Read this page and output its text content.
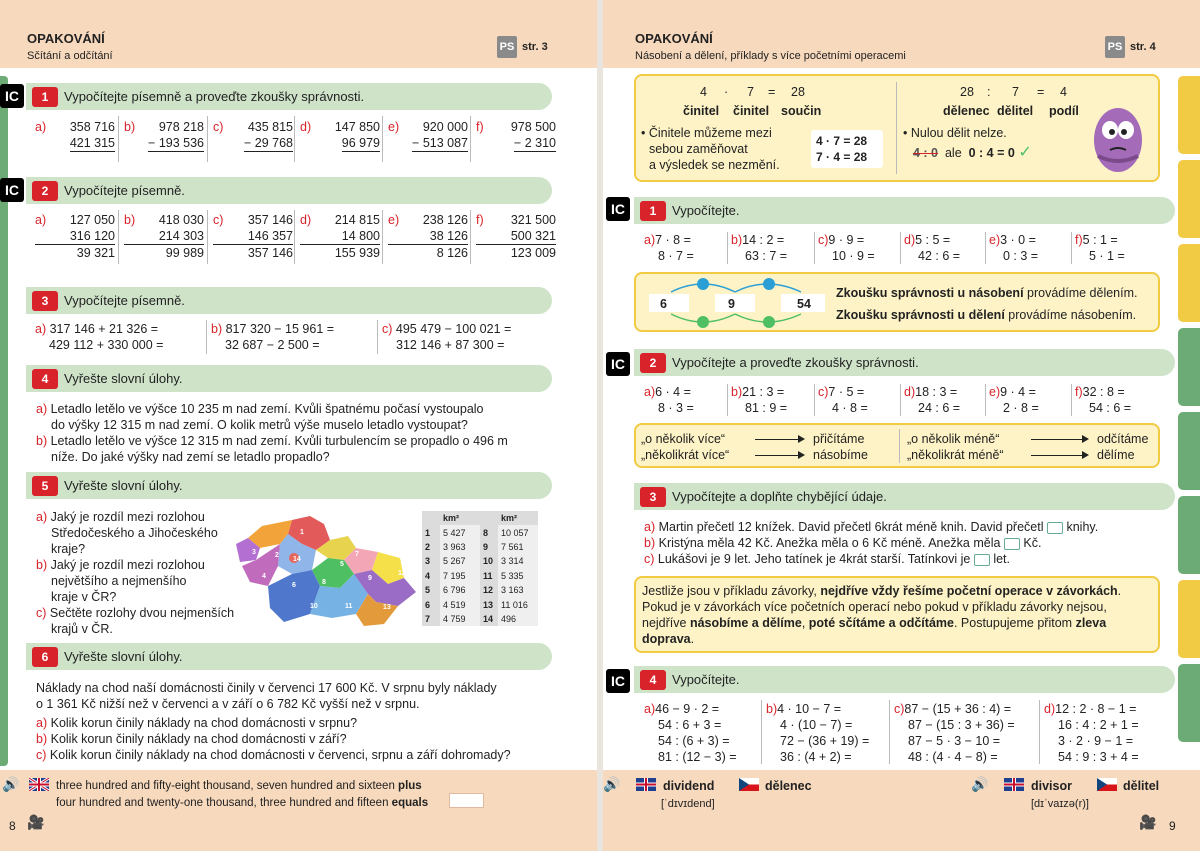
OPAKOVÁNÍ
Sčítání a odčítání
PS str. 3
IC	1	Vypočítejte písemně a proveďte zkoušky správnosti.
a) 358 716
421 315
b) 978 218
− 193 536
c) 435 815
− 29 768
d) 147 850
96 979
e) 920 000
− 513 087
f) 978 500
− 2 310
IC	2	Vypočítejte písemně.
a) 127 050
316 120
39 321
b) 418 030
214 303
99 989
c) 357 146
146 357
357 146
d) 214 815
14 800
155 939
e) 238 126
38 126
8 126
f) 321 500
500 321
123 009
3	Vypočítejte písemně.
a) 317 146 + 21 326 =
429 112 + 330 000 =
b) 817 320 − 15 961 =
32 687 − 2 500 =
c) 495 479 − 100 021 =
312 146 + 87 300 =
4	Vyřešte slovní úlohy.
a) Letadlo letělo ve výšce 10 235 m nad zemí. Kvůli špatnému počasí vystoupalo
do výšky 12 315 m nad zemí. O kolik metrů výše muselo letadlo vystoupat?
b) Letadlo letělo ve výšce 12 315 m nad zemí. Kvůli turbulencím se propadlo o 496 m
níže. Do jaké výšky nad zemí se letadlo propadlo?
5	Vyřešte slovní úlohy.
a) Jaký je rozdíl mezi rozlohou
Středočeského a Jihočeského
kraje?
b) Jaký je rozdíl mezi rozlohou
největšího a nejmenšího
kraje v ČR?
c) Sečtěte rozlohy dvou nejmenších
krajů v ČR.
1
2
3
4
5
6
7
8
9
10	11
12
13
14
km²		km²	
1	5 427	8	10 057
2	3 963	9	7 561
3	5 267	10	3 314
4	7 195	11	5 335
5	6 796	12	3 163
6	4 519	13	11 016
7	4 759	14	496
6	Vyřešte slovní úlohy.
Náklady na chod naší domácnosti činily v červenci 17 600 Kč. V srpnu byly náklady
o 1 361 Kč nižší než v červenci a v září o 6 782 Kč vyšší než v srpnu.
a) Kolik korun činily náklady na chod domácnosti v srpnu?
b) Kolik korun činily náklady na chod domácnosti v září?
c) Kolik korun činily náklady na chod domácnosti v červenci, srpnu a září dohromady?
🔊	three hundred and fifty-eight thousand, seven hundred and sixteen plus
four hundred and twenty-one thousand, three hundred and fifteen equals
8 🎥
OPAKOVÁNÍ
Násobení a dělení, příklady s více početními operacemi
PS str. 4
4 · 7 = 28
činitel činitel součin
28 : 7 = 4
dělenec dělitel podíl
• Činitele můžeme mezi
sebou zaměňovat
a výsledek se nezmění.
4 · 7 = 28
7 · 4 = 28
• Nulou dělit nelze.
4 : 0 ale 0 : 4 = 0 ✓
IC	1	Vypočítejte.
a)7 · 8 =
8 · 7 =
b)14 : 2 =
63 : 7 =
c)9 · 9 =
10 · 9 =
d)5 : 5 =
42 : 6 =
e)3 · 0 =
0 : 3 =
f)5 : 1 =
5 · 1 =
6	9	54
Zkoušku správnosti u násobení provádíme dělením.
Zkoušku správnosti u dělení provádíme násobením.
IC	2	Vypočítejte a proveďte zkoušky správnosti.
a)6 · 4 =
8 · 3 =
b)21 : 3 =
81 : 9 =
c)7 · 5 =
4 · 8 =
d)18 : 3 =
24 : 6 =
e)9 · 4 =
2 · 8 =
f)32 : 8 =
54 : 6 =
„o několik více“	přičítáme
„několikrát více“	násobíme
„o několik méně“	odčítáme
„několikrát méně“	dělíme
3	Vypočítejte a doplňte chybějící údaje.
a) Martin přečetl 12 knížek. David přečetl 6krát méně knih. David přečetl knihy.
b) Kristýna měla 42 Kč. Anežka měla o 6 Kč méně. Anežka měla Kč.
c) Lukášovi je 9 let. Jeho tatínek je 4krát starší. Tatínkovi je let.
Jestliže jsou v příkladu závorky, nejdříve vždy řešíme početní operace v závorkách.
Pokud je v závorkách více početních operací nebo pokud v příkladu závorky nejsou,
nejdříve násobíme a dělíme, poté sčítáme a odčítáme. Postupujeme přitom zleva
doprava.
IC	4	Vypočítejte.
a)46 − 9 · 2 =
54 : 6 + 3 =
54 : (6 + 3) =
81 : (12 − 3) =
b)4 · 10 − 7 =
4 · (10 − 7) =
72 − (36 + 19) =
36 : (4 + 2) =
c)87 − (15 + 36 : 4) =
87 − (15 : 3 + 36) =
87 − 5 · 3 − 10 =
48 : (4 · 4 − 8) =
d)12 : 2 · 8 − 1 =
16 : 4 : 2 + 1 =
3 · 2 · 9 − 1 =
54 : 9 : 3 + 4 =
🔊	dividend	dělenec
[ˈdɪvɪdend]
🔊	divisor	dělitel
[dɪˈvaɪzə(r)]
🎥 9
